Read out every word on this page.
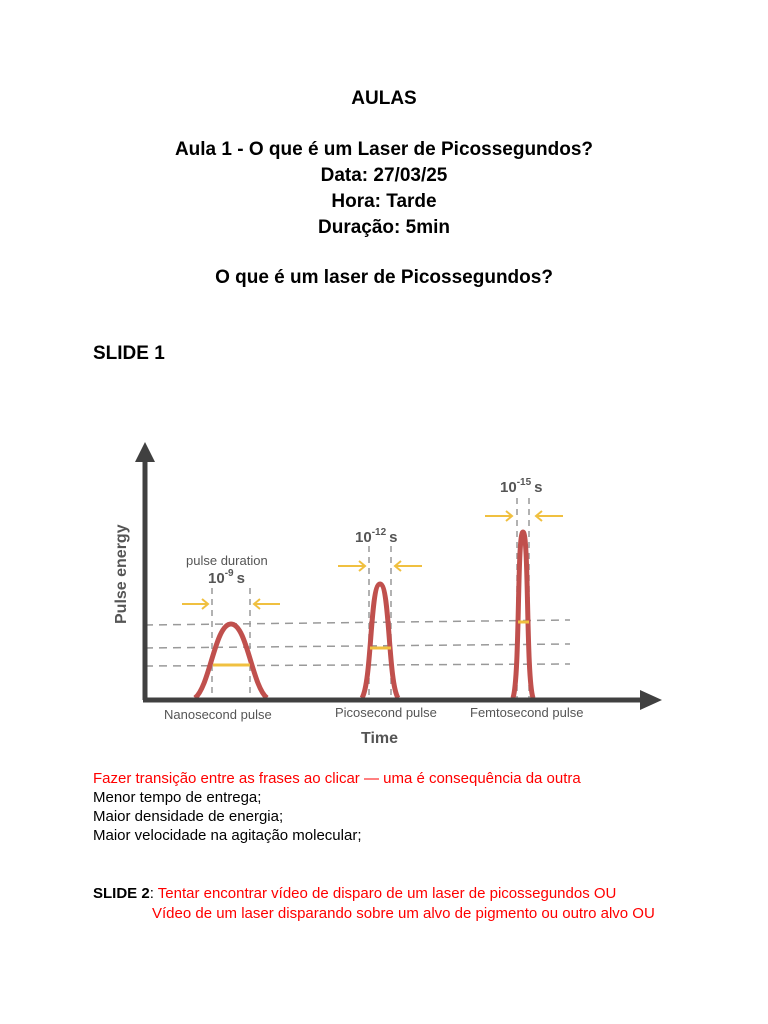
AULAS
Aula 1 - O que é um Laser de Picossegundos?
Data: 27/03/25
Hora: Tarde
Duração: 5min
O que é um laser de Picossegundos?
SLIDE 1
Pulse energy
Time
pulse duration
$10^{-9}$ s
$10^{-12}$ s
$10^{-15}$ s
Nanosecond pulse	Picosecond pulse	Femtosecond pulse
Fazer transição entre as frases ao clicar — uma é consequência da outra
Menor tempo de entrega;
Maior densidade de energia;
Maior velocidade na agitação molecular;
SLIDE 2: Tentar encontrar vídeo de disparo de um laser de picossegundos OU
Vídeo de um laser disparando sobre um alvo de pigmento ou outro alvo OU
